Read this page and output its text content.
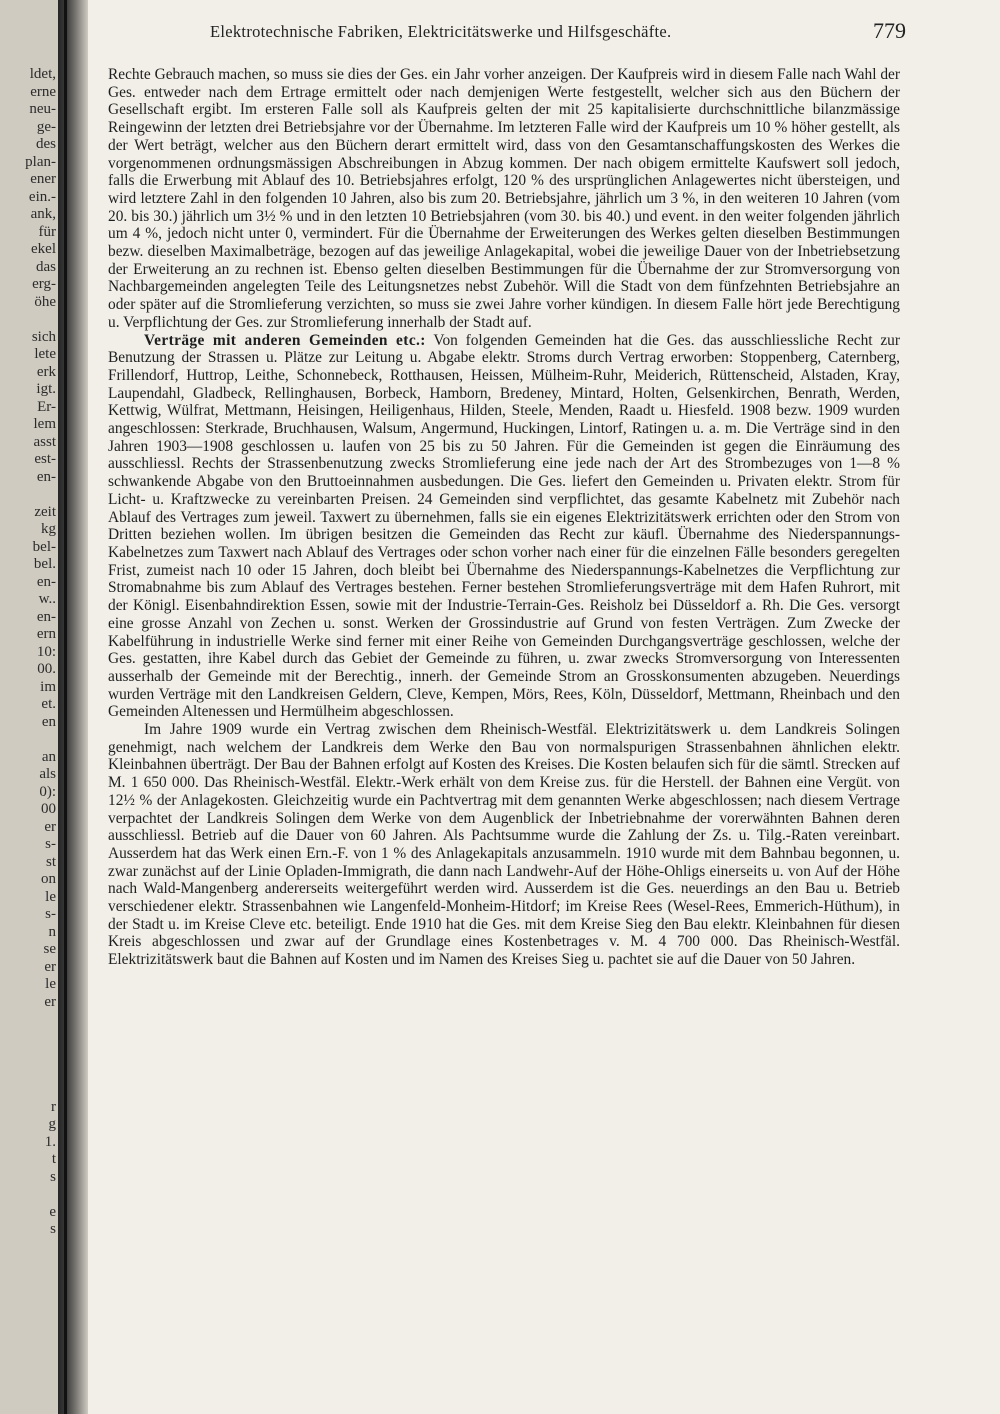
ldet,
erne
neu-
ge-
des
plan-
ener
ein.-
ank,
für
ekel
das
erg-
öhe
sich
lete
erk
igt.
Er-
lem
asst
est-
en-
zeit
kg
bel-
bel.
en-
w..
en-
ern
10:
00.
im
et.
en
an
als
0):
00
er
s-
st
on
le
s-
n
se
er
le
er
r
g
1.
t
s
e
s
Elektrotechnische Fabriken, Elektricitätswerke und Hilfsgeschäfte.	779

Rechte Gebrauch machen, so muss sie dies der Ges. ein Jahr vorher anzeigen. Der Kaufpreis wird in diesem Falle nach Wahl der Ges. entweder nach dem Ertrage ermittelt oder nach demjenigen Werte festgestellt, welcher sich aus den Büchern der Gesellschaft ergibt. Im ersteren Falle soll als Kaufpreis gelten der mit 25 kapitalisierte durchschnittliche bilanzmässige Reingewinn der letzten drei Betriebsjahre vor der Übernahme. Im letzteren Falle wird der Kaufpreis um 10 % höher gestellt, als der Wert beträgt, welcher aus den Büchern derart ermittelt wird, dass von den Gesamtanschaffungskosten des Werkes die vorgenommenen ordnungsmässigen Abschreibungen in Abzug kommen. Der nach obigem ermittelte Kaufswert soll jedoch, falls die Erwerbung mit Ablauf des 10. Betriebsjahres erfolgt, 120 % des ursprünglichen Anlagewertes nicht übersteigen, und wird letztere Zahl in den folgenden 10 Jahren, also bis zum 20. Betriebsjahre, jährlich um 3 %, in den weiteren 10 Jahren (vom 20. bis 30.) jährlich um 3½ % und in den letzten 10 Betriebsjahren (vom 30. bis 40.) und event. in den weiter folgenden jährlich um 4 %, jedoch nicht unter 0, vermindert. Für die Übernahme der Erweiterungen des Werkes gelten dieselben Bestimmungen bezw. dieselben Maximalbeträge, bezogen auf das jeweilige Anlagekapital, wobei die jeweilige Dauer von der Inbetriebsetzung der Erweiterung an zu rechnen ist. Ebenso gelten dieselben Bestimmungen für die Übernahme der zur Stromversorgung von Nachbargemeinden angelegten Teile des Leitungsnetzes nebst Zubehör. Will die Stadt von dem fünfzehnten Betriebsjahre an oder später auf die Stromlieferung verzichten, so muss sie zwei Jahre vorher kündigen. In diesem Falle hört jede Berechtigung u. Verpflichtung der Ges. zur Stromlieferung innerhalb der Stadt auf.

Verträge mit anderen Gemeinden etc.: Von folgenden Gemeinden hat die Ges. das ausschliessliche Recht zur Benutzung der Strassen u. Plätze zur Leitung u. Abgabe elektr. Stroms durch Vertrag erworben: Stoppenberg, Caternberg, Frillendorf, Huttrop, Leithe, Schonnebeck, Rotthausen, Heissen, Mülheim-Ruhr, Meiderich, Rüttenscheid, Alstaden, Kray, Laupendahl, Gladbeck, Rellinghausen, Borbeck, Hamborn, Bredeney, Mintard, Holten, Gelsenkirchen, Benrath, Werden, Kettwig, Wülfrat, Mettmann, Heisingen, Heiligenhaus, Hilden, Steele, Menden, Raadt u. Hiesfeld. 1908 bezw. 1909 wurden angeschlossen: Sterkrade, Bruchhausen, Walsum, Angermund, Huckingen, Lintorf, Ratingen u. a. m. Die Verträge sind in den Jahren 1903—1908 geschlossen u. laufen von 25 bis zu 50 Jahren. Für die Gemeinden ist gegen die Einräumung des ausschliessl. Rechts der Strassenbenutzung zwecks Stromlieferung eine jede nach der Art des Strombezuges von 1—8 % schwankende Abgabe von den Bruttoeinnahmen ausbedungen. Die Ges. liefert den Gemeinden u. Privaten elektr. Strom für Licht- u. Kraftzwecke zu vereinbarten Preisen. 24 Gemeinden sind verpflichtet, das gesamte Kabelnetz mit Zubehör nach Ablauf des Vertrages zum jeweil. Taxwert zu übernehmen, falls sie ein eigenes Elektrizitätswerk errichten oder den Strom von Dritten beziehen wollen. Im übrigen besitzen die Gemeinden das Recht zur käufl. Übernahme des Niederspannungs-Kabelnetzes zum Taxwert nach Ablauf des Vertrages oder schon vorher nach einer für die einzelnen Fälle besonders geregelten Frist, zumeist nach 10 oder 15 Jahren, doch bleibt bei Übernahme des Niederspannungs-Kabelnetzes die Verpflichtung zur Stromabnahme bis zum Ablauf des Vertrages bestehen. Ferner bestehen Stromlieferungsverträge mit dem Hafen Ruhrort, mit der Königl. Eisenbahndirektion Essen, sowie mit der Industrie-Terrain-Ges. Reisholz bei Düsseldorf a. Rh. Die Ges. versorgt eine grosse Anzahl von Zechen u. sonst. Werken der Grossindustrie auf Grund von festen Verträgen. Zum Zwecke der Kabelführung in industrielle Werke sind ferner mit einer Reihe von Gemeinden Durchgangsverträge geschlossen, welche der Ges. gestatten, ihre Kabel durch das Gebiet der Gemeinde zu führen, u. zwar zwecks Stromversorgung von Interessenten ausserhalb der Gemeinde mit der Berechtig., innerh. der Gemeinde Strom an Grosskonsumenten abzugeben. Neuerdings wurden Verträge mit den Landkreisen Geldern, Cleve, Kempen, Mörs, Rees, Köln, Düsseldorf, Mettmann, Rheinbach und den Gemeinden Altenessen und Hermülheim abgeschlossen.

Im Jahre 1909 wurde ein Vertrag zwischen dem Rheinisch-Westfäl. Elektrizitätswerk u. dem Landkreis Solingen genehmigt, nach welchem der Landkreis dem Werke den Bau von normalspurigen Strassenbahnen ähnlichen elektr. Kleinbahnen überträgt. Der Bau der Bahnen erfolgt auf Kosten des Kreises. Die Kosten belaufen sich für die sämtl. Strecken auf M. 1 650 000. Das Rheinisch-Westfäl. Elektr.-Werk erhält von dem Kreise zus. für die Herstell. der Bahnen eine Vergüt. von 12½ % der Anlagekosten. Gleichzeitig wurde ein Pachtvertrag mit dem genannten Werke abgeschlossen; nach diesem Vertrage verpachtet der Landkreis Solingen dem Werke von dem Augenblick der Inbetriebnahme der vorerwähnten Bahnen deren ausschliessl. Betrieb auf die Dauer von 60 Jahren. Als Pachtsumme wurde die Zahlung der Zs. u. Tilg.-Raten vereinbart. Ausserdem hat das Werk einen Ern.-F. von 1 % des Anlagekapitals anzusammeln. 1910 wurde mit dem Bahnbau begonnen, u. zwar zunächst auf der Linie Opladen-Immigrath, die dann nach Landwehr-Auf der Höhe-Ohligs einerseits u. von Auf der Höhe nach Wald-Mangenberg andererseits weitergeführt werden wird. Ausserdem ist die Ges. neuerdings an den Bau u. Betrieb verschiedener elektr. Strassenbahnen wie Langenfeld-Monheim-Hitdorf; im Kreise Rees (Wesel-Rees, Emmerich-Hüthum), in der Stadt u. im Kreise Cleve etc. beteiligt. Ende 1910 hat die Ges. mit dem Kreise Sieg den Bau elektr. Kleinbahnen für diesen Kreis abgeschlossen und zwar auf der Grundlage eines Kostenbetrages v. M. 4 700 000. Das Rheinisch-Westfäl. Elektrizitätswerk baut die Bahnen auf Kosten und im Namen des Kreises Sieg u. pachtet sie auf die Dauer von 50 Jahren.
